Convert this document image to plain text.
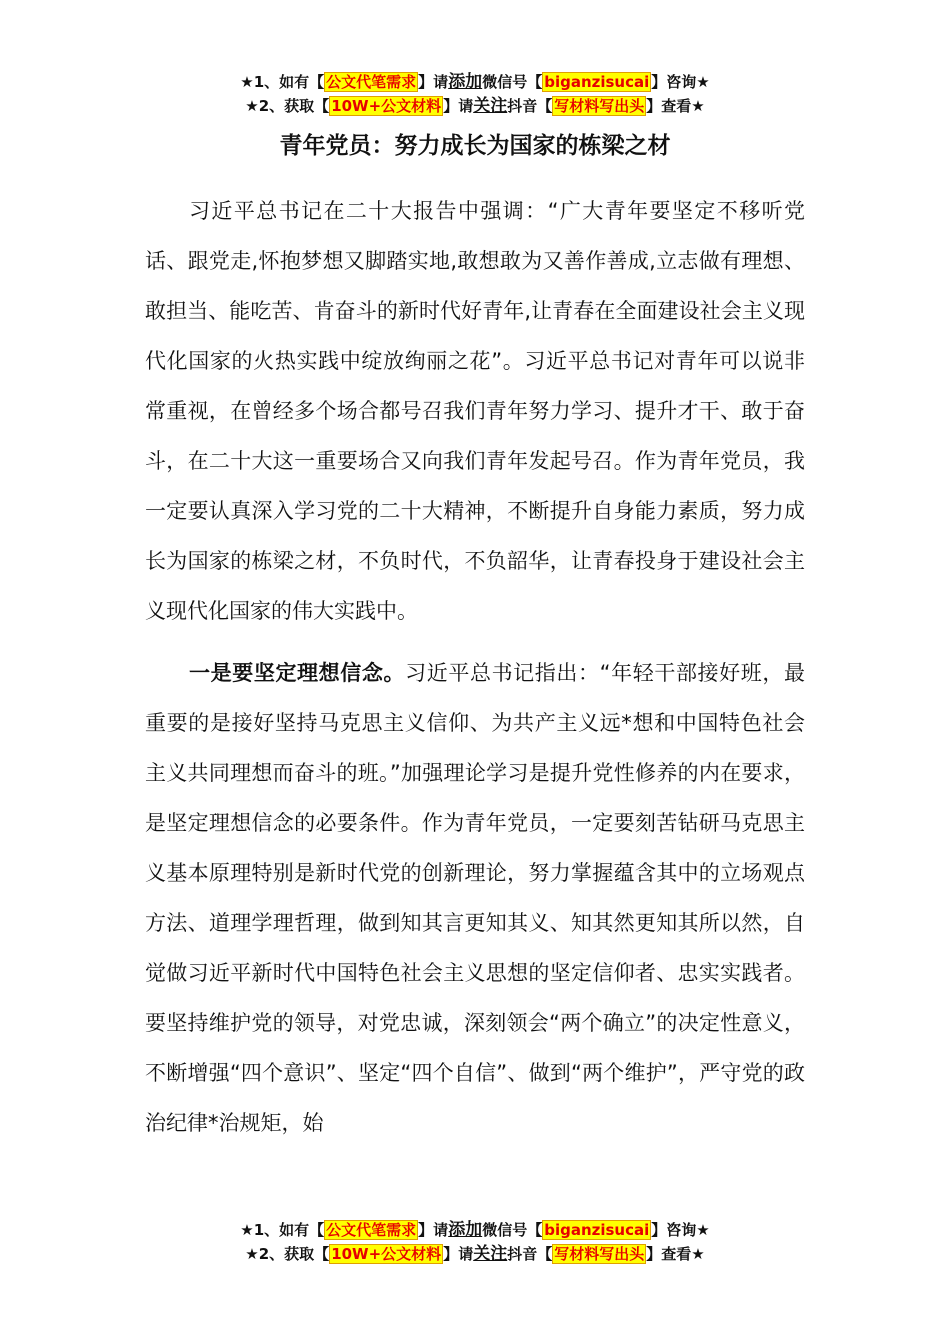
★1、如有【 公文代笔需求 】请添加微信号【 biganzisucai 】咨询★
★2、获取【 10W+公文材料 】请关注抖音【 写材料写出头 】查看★
青年党员：努力成长为国家的栋梁之材

习近平总书记在二十大报告中强调：“广大青年要坚定不移听党话、跟党走,怀抱梦想又脚踏实地,敢想敢为又善作善成,立志做有理想、敢担当、能吃苦、肯奋斗的新时代好青年,让青春在全面建设社会主义现代化国家的火热实践中绽放绚丽之花”。习近平总书记对青年可以说非常重视，在曾经多个场合都号召我们青年努力学习、提升才干、敢于奋斗，在二十大这一重要场合又向我们青年发起号召。作为青年党员，我一定要认真深入学习党的二十大精神，不断提升自身能力素质，努力成长为国家的栋梁之材，不负时代，不负韶华，让青春投身于建设社会主义现代化国家的伟大实践中。

一是要坚定理想信念。习近平总书记指出：“年轻干部接好班，最重要的是接好坚持马克思主义信仰、为共产主义远*想和中国特色社会主义共同理想而奋斗的班。”加强理论学习是提升党性修养的内在要求，是坚定理想信念的必要条件。作为青年党员，一定要刻苦钻研马克思主义基本原理特别是新时代党的创新理论，努力掌握蕴含其中的立场观点方法、道理学理哲理，做到知其言更知其义、知其然更知其所以然，自觉做习近平新时代中国特色社会主义思想的坚定信仰者、忠实实践者。要坚持维护党的领导，对党忠诚，深刻领会“两个确立”的决定性意义，不断增强“四个意识”、坚定“四个自信”、做到“两个维护”，严守党的政治纪律*治规矩，始

★1、如有【 公文代笔需求 】请添加微信号【 biganzisucai 】咨询★
★2、获取【 10W+公文材料 】请关注抖音【 写材料写出头 】查看★
